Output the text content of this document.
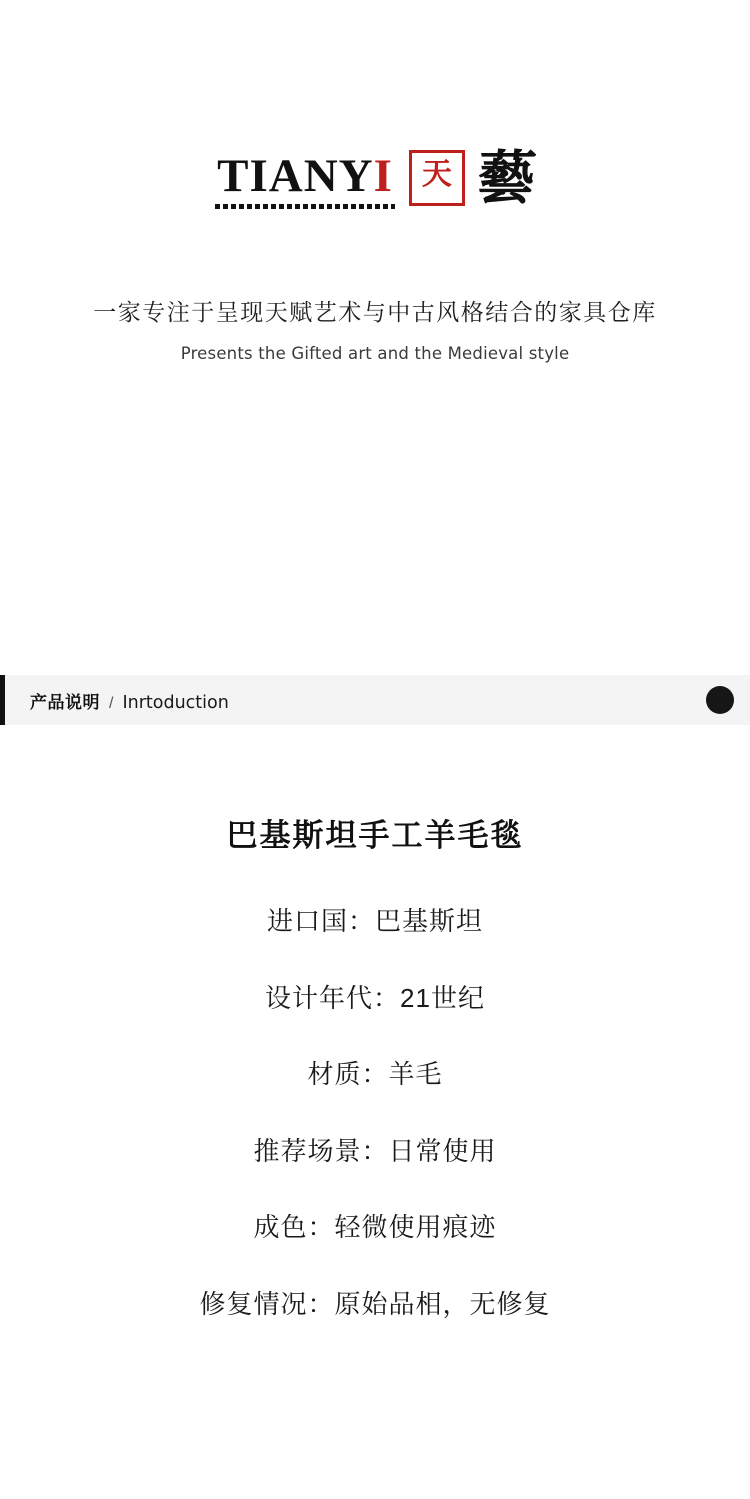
TIANYI 天 藝
一家专注于呈现天赋艺术与中古风格结合的家具仓库
Presents the Gifted art and the Medieval style
产品说明 / Inrtoduction
巴基斯坦手工羊毛毯
进口国：巴基斯坦
设计年代：21世纪
材质：羊毛
推荐场景：日常使用
成色：轻微使用痕迹
修复情况：原始品相，无修复
